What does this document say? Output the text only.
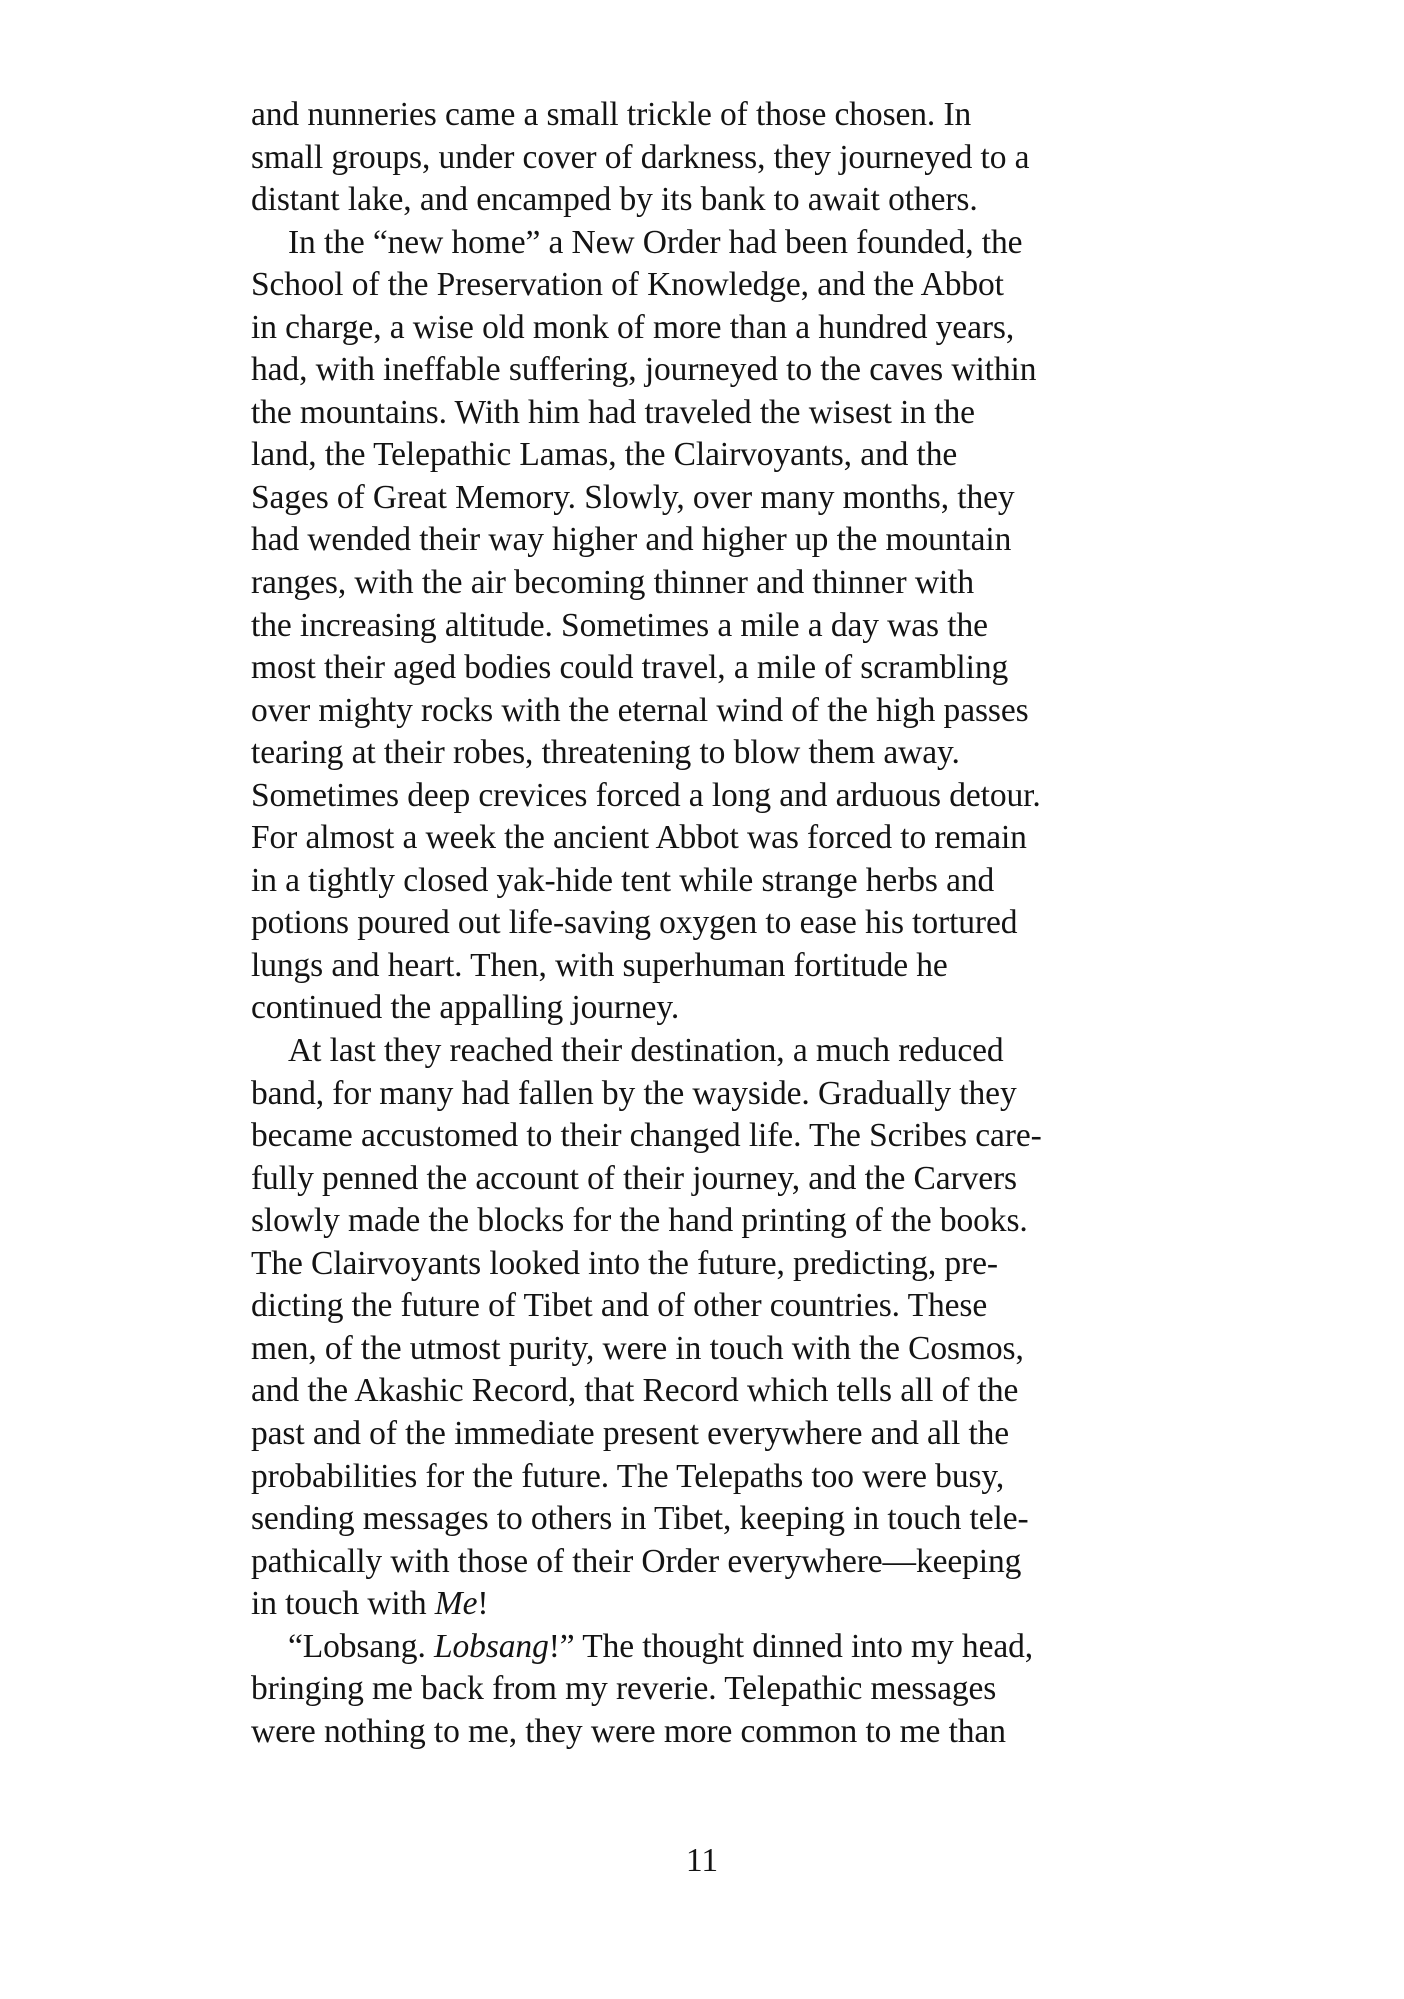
and nunneries came a small trickle of those chosen. In
small groups, under cover of darkness, they journeyed to a
distant lake, and encamped by its bank to await others.
In the “new home” a New Order had been founded, the
School of the Preservation of Knowledge, and the Abbot
in charge, a wise old monk of more than a hundred years,
had, with ineffable suffering, journeyed to the caves within
the mountains. With him had traveled the wisest in the
land, the Telepathic Lamas, the Clairvoyants, and the
Sages of Great Memory. Slowly, over many months, they
had wended their way higher and higher up the mountain
ranges, with the air becoming thinner and thinner with
the increasing altitude. Sometimes a mile a day was the
most their aged bodies could travel, a mile of scrambling
over mighty rocks with the eternal wind of the high passes
tearing at their robes, threatening to blow them away.
Sometimes deep crevices forced a long and arduous detour.
For almost a week the ancient Abbot was forced to remain
in a tightly closed yak-hide tent while strange herbs and
potions poured out life-saving oxygen to ease his tortured
lungs and heart. Then, with superhuman fortitude he
continued the appalling journey.
At last they reached their destination, a much reduced
band, for many had fallen by the wayside. Gradually they
became accustomed to their changed life. The Scribes care-
fully penned the account of their journey, and the Carvers
slowly made the blocks for the hand printing of the books.
The Clairvoyants looked into the future, predicting, pre-
dicting the future of Tibet and of other countries. These
men, of the utmost purity, were in touch with the Cosmos,
and the Akashic Record, that Record which tells all of the
past and of the immediate present everywhere and all the
probabilities for the future. The Telepaths too were busy,
sending messages to others in Tibet, keeping in touch tele-
pathically with those of their Order everywhere—keeping
in touch with Me!
“Lobsang. Lobsang!” The thought dinned into my head,
bringing me back from my reverie. Telepathic messages
were nothing to me, they were more common to me than
11
